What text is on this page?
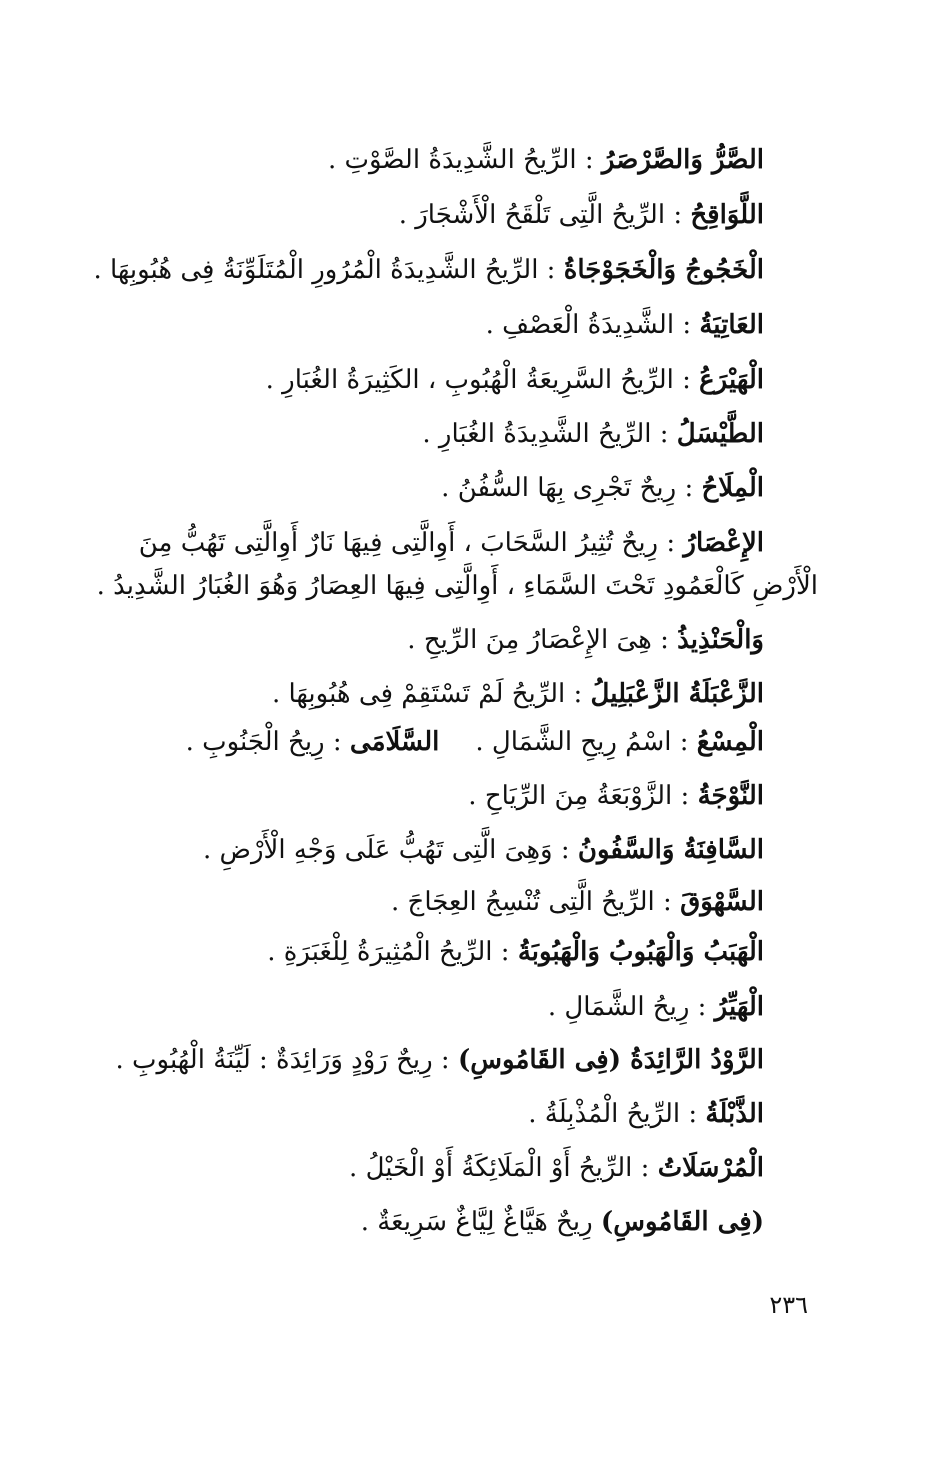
الصَّرُّ وَالصَّرْصَرُ : الرِّيحُ الشَّدِيدَةُ الصَّوْتِ .
اللَّوَاقِحُ : الرِّيحُ الَّتِى تَلْقَحُ الْأَشْجَارَ .
الْخَجُوجُ وَالْخَجَوْجَاةُ : الرِّيحُ الشَّدِيدَةُ الْمُرُورِ الْمُتَلَوِّنَةُ فِى هُبُوبِهَا .
العَاتِيَةُ : الشَّدِيدَةُ الْعَصْفِ .
الْهَيْرَعُ : الرِّيحُ السَّرِيعَةُ الْهُبُوبِ ، الكَثِيرَةُ الغُبَارِ .
الطَّيْسَلُ : الرِّيحُ الشَّدِيدَةُ الغُبَارِ .
الْمِلَاحُ : رِيحٌ تَجْرِى بِهَا السُّفُنُ .
الإِعْصَارُ : رِيحٌ تُثِيرُ السَّحَابَ ، أَوِالَّتِى فِيهَا نَارٌ أَوِالَّتِى تَهُبُّ مِنَ
الْأَرْضِ كَالْعَمُودِ تَحْتَ السَّمَاءِ ، أَوِالَّتِى فِيهَا العِصَارُ وَهُوَ الغُبَارُ الشَّدِيدُ .
وَالْحَنْذِيذُ : هِىَ الإِعْصَارُ مِنَ الرِّيحِ .
الزَّعْبَلَةُ الزَّعْبَلِيلُ : الرِّيحُ لَمْ تَسْتَقِمْ فِى هُبُوبِهَا .
الْمِسْعُ : اسْمُ رِيحِ الشَّمَالِ .السَّلَامَى : رِيحُ الْجَنُوبِ .
النَّوْجَةُ : الزَّوْبَعَةُ مِنَ الرِّيَاحِ .
السَّافِنَةُ وَالسَّفُونُ : وَهِىَ الَّتِى تَهُبُّ عَلَى وَجْهِ الْأَرْضِ .
السَّهْوَقَ : الرِّيحُ الَّتِى تُنْسِجُ العِجَاجَ .
الْهَبَبُ وَالْهَبُوبُ وَالْهَبُوبَةُ : الرِّيحُ الْمُثِيرَةُ لِلْغَبَرَةِ .
الْهَيِّرُ : رِيحُ الشَّمَالِ .
الرَّوْدُ الرَّائِدَةُ (فِى القَامُوسِ) : رِيحٌ رَوْدٍ وَرَائِدَةٌ : لَيِّنَةُ الْهُبُوبِ .
الذَّبْلَةُ : الرِّيحُ الْمُذْبِلَةُ .
الْمُرْسَلَاتُ : الرِّيحُ أَوْ الْمَلَائِكَةُ أَوْ الْخَيْلُ .
(فِى القَامُوسِ) رِيحٌ هَيَّاغٌ لِيَّاغٌ سَرِيعَةٌ .
٢٣٦
